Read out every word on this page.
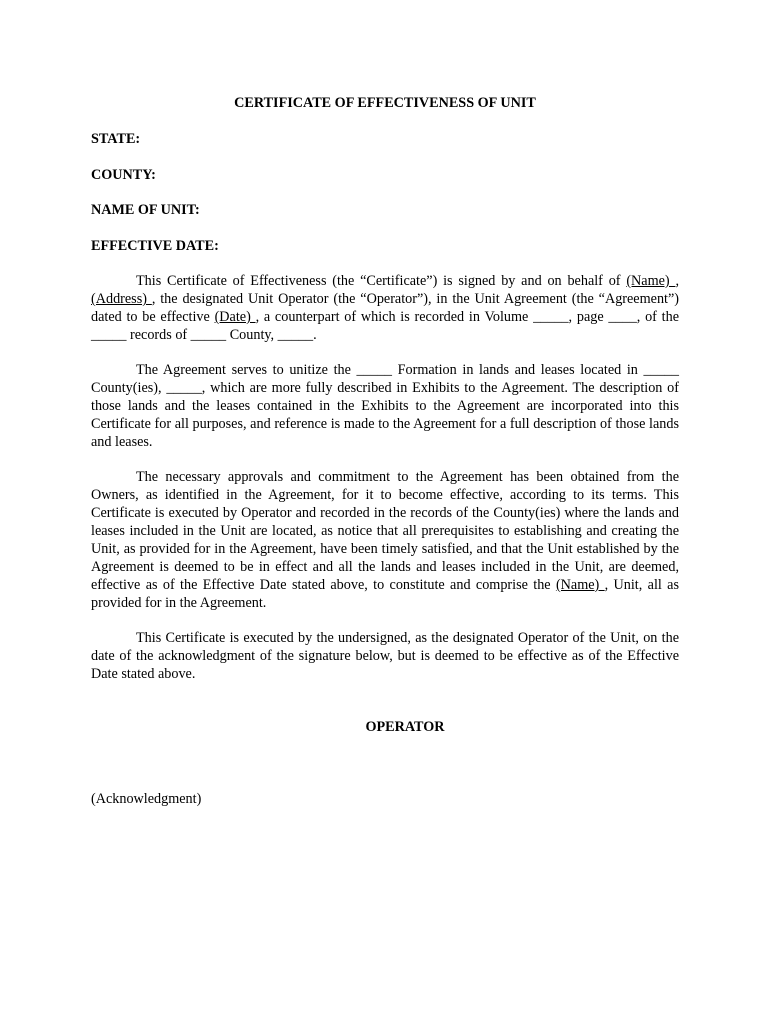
CERTIFICATE OF EFFECTIVENESS OF UNIT
STATE:
COUNTY:
NAME OF UNIT:
EFFECTIVE DATE:

This Certificate of Effectiveness (the “Certificate”) is signed by and on behalf of (Name) , (Address) , the designated Unit Operator (the “Operator”), in the Unit Agreement (the “Agreement”) dated to be effective (Date) , a counterpart of which is recorded in Volume _____, page ____, of the _____ records of _____ County, _____.

The Agreement serves to unitize the _____ Formation in lands and leases located in _____ County(ies), _____, which are more fully described in Exhibits to the Agreement. The description of those lands and the leases contained in the Exhibits to the Agreement are incorporated into this Certificate for all purposes, and reference is made to the Agreement for a full description of those lands and leases.

The necessary approvals and commitment to the Agreement has been obtained from the Owners, as identified in the Agreement, for it to become effective, according to its terms. This Certificate is executed by Operator and recorded in the records of the County(ies) where the lands and leases included in the Unit are located, as notice that all prerequisites to establishing and creating the Unit, as provided for in the Agreement, have been timely satisfied, and that the Unit established by the Agreement is deemed to be in effect and all the lands and leases included in the Unit, are deemed, effective as of the Effective Date stated above, to constitute and comprise the (Name) , Unit, all as provided for in the Agreement.

This Certificate is executed by the undersigned, as the designated Operator of the Unit, on the date of the acknowledgment of the signature below, but is deemed to be effective as of the Effective Date stated above.

OPERATOR
(Acknowledgment)
